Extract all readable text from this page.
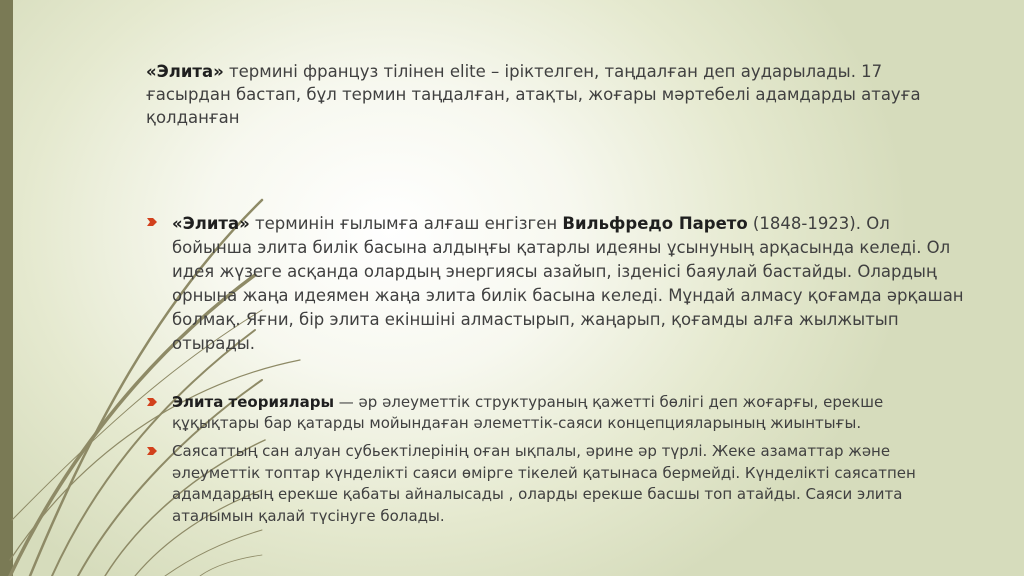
«Элита» термині француз тілінен elite – іріктелген, таңдалған деп аударылады. 17 ғасырдан бастап, бұл термин таңдалған, атақты, жоғары мәртебелі адамдарды атауға қолданған

«Элита» терминін ғылымға алғаш енгізген Вильфредо Парето (1848-1923). Ол бойынша элита билік басына алдыңғы қатарлы идеяны ұсынуның арқасында келеді. Ол идея жүзеге асқанда олардың энергиясы азайып, ізденісі баяулай бастайды. Олардың орнына жаңа идеямен жаңа элита билік басына келеді. Мұндай алмасу қоғамда әрқашан болмақ. Яғни, бір элита екіншіні алмастырып, жаңарып, қоғамды алға жылжытып отырады.
Элита теориялары — әр әлеуметтік структураның қажетті бөлігі деп жоғарғы, ерекше құқықтары бар қатарды мойындаған әлеметтік-саяси концепцияларының жиынтығы.
Саясаттың сан алуан субьектілерінің оған ықпалы, әрине әр түрлі. Жеке азаматтар және әлеуметтік топтар күнделікті саяси өмірге тікелей қатынаса бермейді. Күнделікті саясатпен адамдардың ерекше қабаты айналысады , оларды ерекше басшы топ атайды. Саяси элита аталымын қалай түсінуге болады.
